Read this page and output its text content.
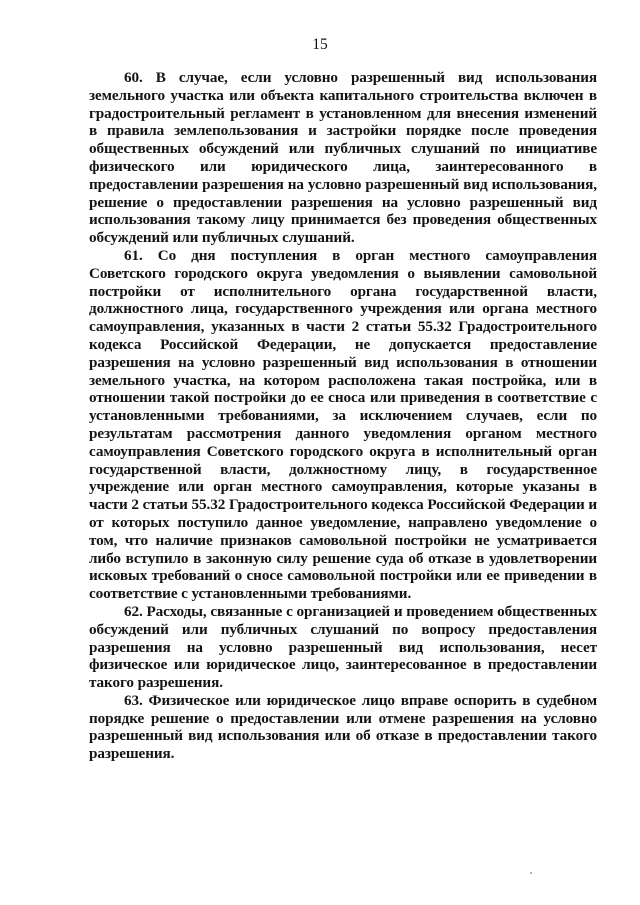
15

60. В случае, если условно разрешенный вид использования земельного участка или объекта капитального строительства включен в градостроительный регламент в установленном для внесения изменений в правила землепользования и застройки порядке после проведения общественных обсуждений или публичных слушаний по инициативе физического или юридического лица, заинтересованного в предоставлении разрешения на условно разрешенный вид использования, решение о предоставлении разрешения на условно разрешенный вид использования такому лицу принимается без проведения общественных обсуждений или публичных слушаний.

61. Со дня поступления в орган местного самоуправления Советского городского округа уведомления о выявлении самовольной постройки от исполнительного органа государственной власти, должностного лица, государственного учреждения или органа местного самоуправления, указанных в части 2 статьи 55.32 Градостроительного кодекса Российской Федерации, не допускается предоставление разрешения на условно разрешенный вид использования в отношении земельного участка, на котором расположена такая постройка, или в отношении такой постройки до ее сноса или приведения в соответствие с установленными требованиями, за исключением случаев, если по результатам рассмотрения данного уведомления органом местного самоуправления Советского городского округа в исполнительный орган государственной власти, должностному лицу, в государственное учреждение или орган местного самоуправления, которые указаны в части 2 статьи 55.32 Градостроительного кодекса Российской Федерации и от которых поступило данное уведомление, направлено уведомление о том, что наличие признаков самовольной постройки не усматривается либо вступило в законную силу решение суда об отказе в удовлетворении исковых требований о сносе самовольной постройки или ее приведении в соответствие с установленными требованиями.

62. Расходы, связанные с организацией и проведением общественных обсуждений или публичных слушаний по вопросу предоставления разрешения на условно разрешенный вид использования, несет физическое или юридическое лицо, заинтересованное в предоставлении такого разрешения.

63. Физическое или юридическое лицо вправе оспорить в судебном порядке решение о предоставлении или отмене разрешения на условно разрешенный вид использования или об отказе в предоставлении такого разрешения.
